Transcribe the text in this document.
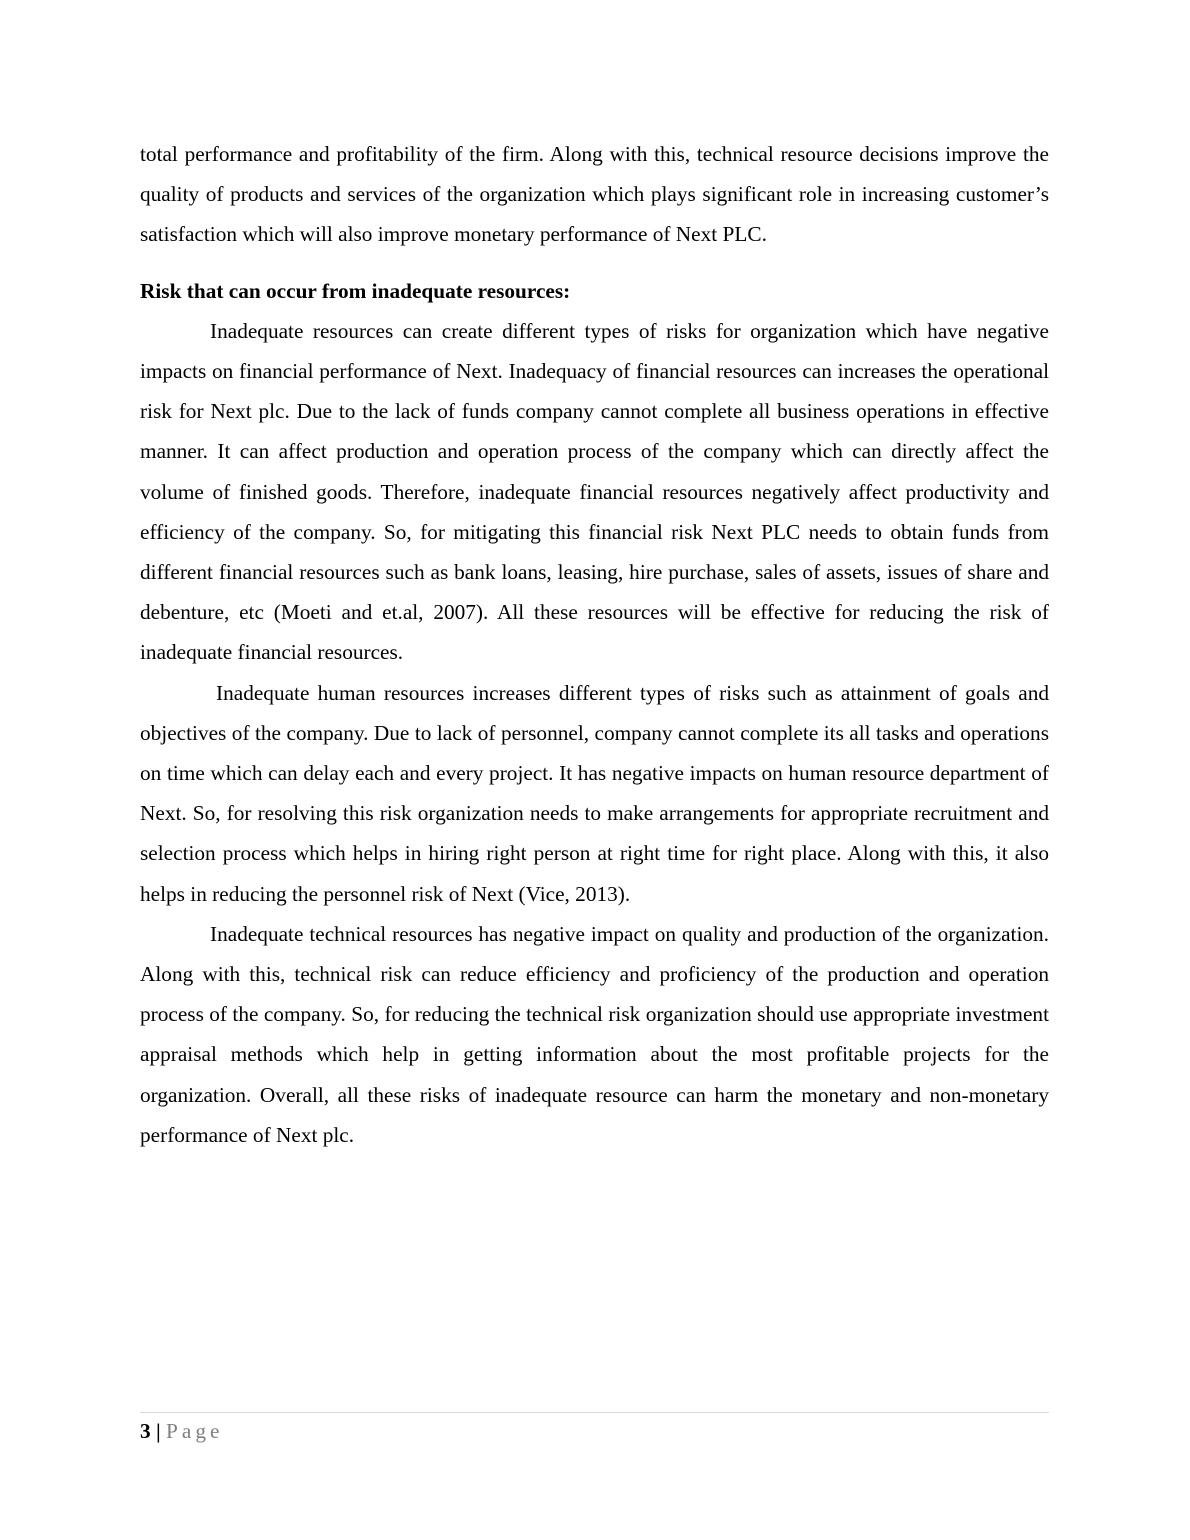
total performance and profitability of the firm. Along with this, technical resource decisions improve the quality of products and services of the organization which plays significant role in increasing customer’s satisfaction which will also improve monetary performance of Next PLC.

Risk that can occur from inadequate resources:

Inadequate resources can create different types of risks for organization which have negative impacts on financial performance of Next. Inadequacy of financial resources can increases the operational risk for Next plc. Due to the lack of funds company cannot complete all business operations in effective manner. It can affect production and operation process of the company which can directly affect the volume of finished goods. Therefore, inadequate financial resources negatively affect productivity and efficiency of the company. So, for mitigating this financial risk Next PLC needs to obtain funds from different financial resources such as bank loans, leasing, hire purchase, sales of assets, issues of share and debenture, etc (Moeti and et.al, 2007). All these resources will be effective for reducing the risk of inadequate financial resources.

Inadequate human resources increases different types of risks such as attainment of goals and objectives of the company. Due to lack of personnel, company cannot complete its all tasks and operations on time which can delay each and every project. It has negative impacts on human resource department of Next. So, for resolving this risk organization needs to make arrangements for appropriate recruitment and selection process which helps in hiring right person at right time for right place. Along with this, it also helps in reducing the personnel risk of Next (Vice, 2013).

Inadequate technical resources has negative impact on quality and production of the organization. Along with this, technical risk can reduce efficiency and proficiency of the production and operation process of the company. So, for reducing the technical risk organization should use appropriate investment appraisal methods which help in getting information about the most profitable projects for the organization. Overall, all these risks of inadequate resource can harm the monetary and non-monetary performance of Next plc.

3 | Page
